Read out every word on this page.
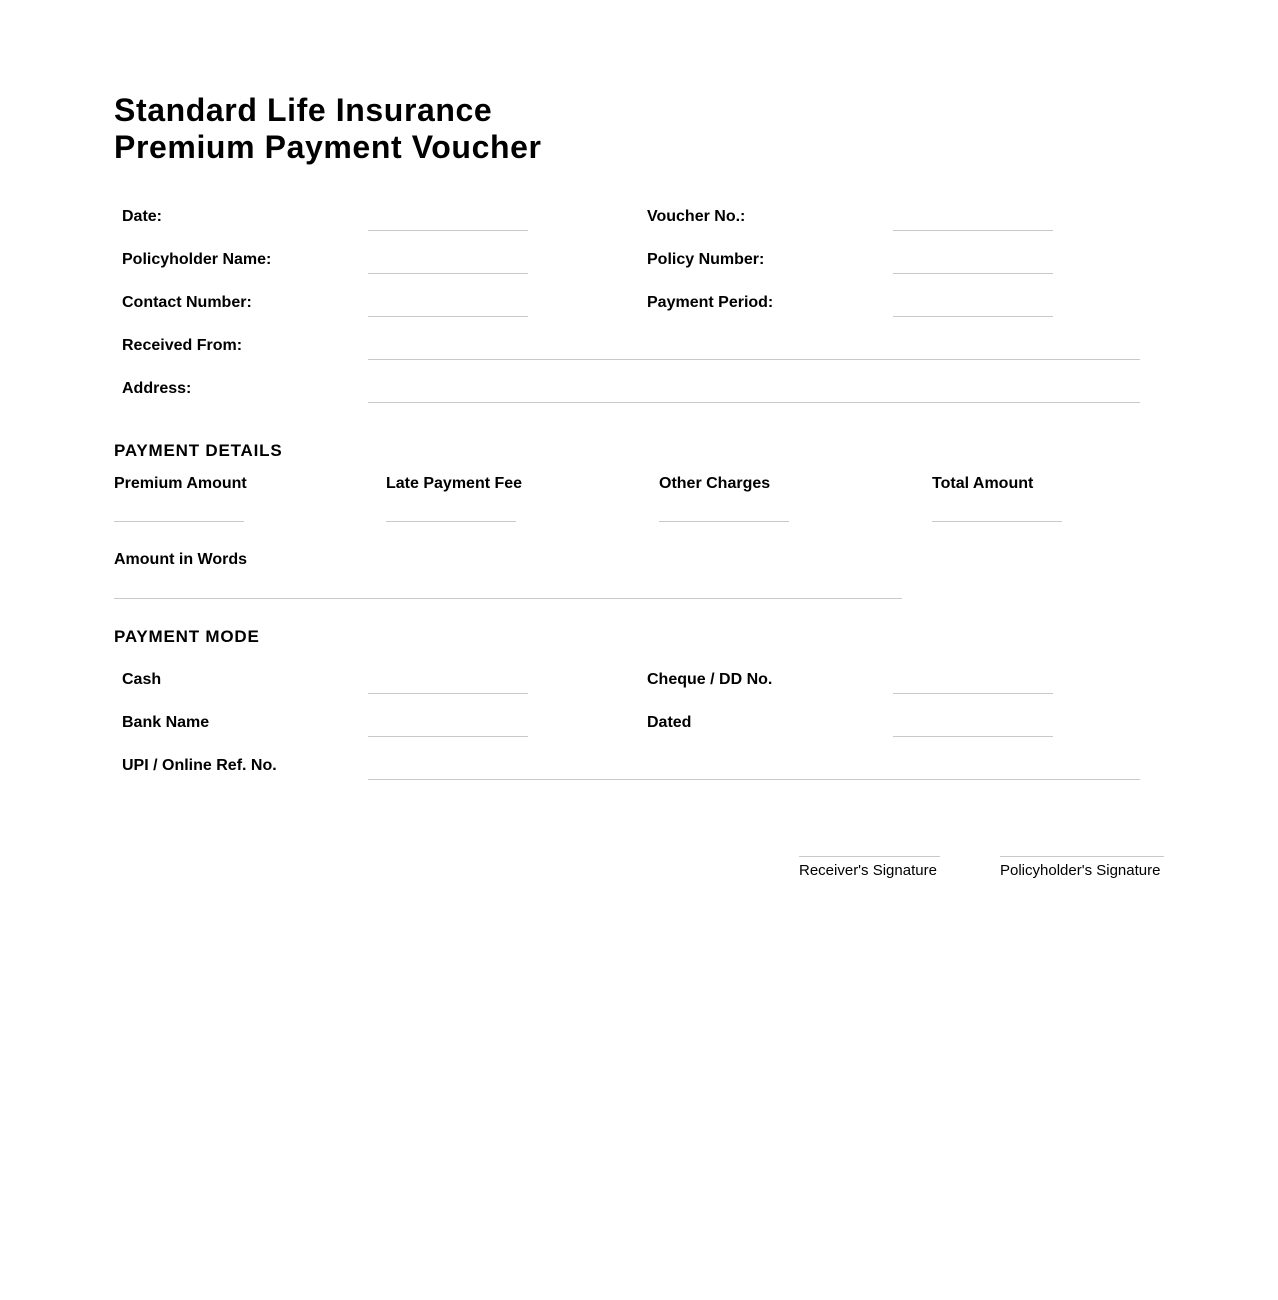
Standard Life Insurance
Premium Payment Voucher
Date:	Voucher No.:
Policyholder Name:	Policy Number:
Contact Number:	Payment Period:
Received From:
Address:
PAYMENT DETAILS
Premium Amount	Late Payment Fee	Other Charges	Total Amount
Amount in Words
PAYMENT MODE
Cash	Cheque / DD No.
Bank Name	Dated
UPI / Online Ref. No.
Receiver's Signature	Policyholder's Signature
